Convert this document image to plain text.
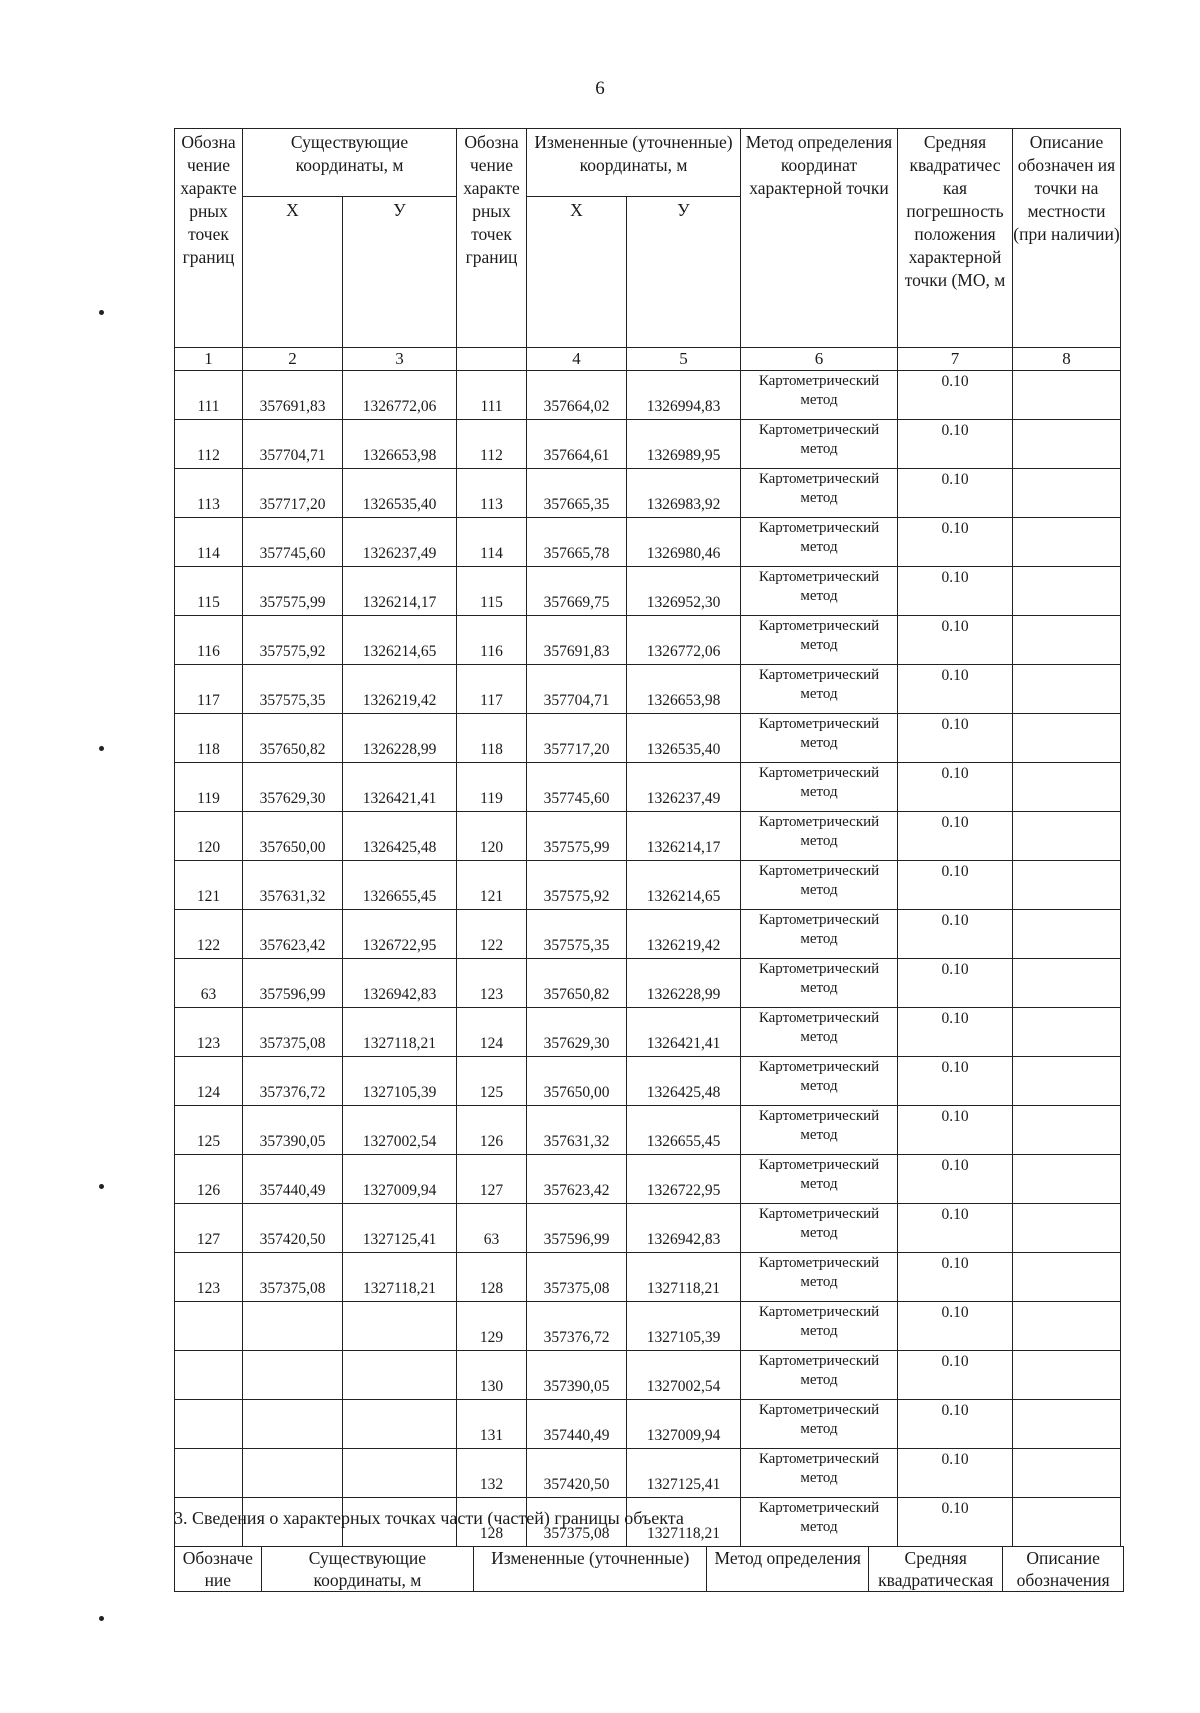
6
Обозна чение характе рных точек границ	Существующие координаты, м		Обозна чение характе рных точек границ	Измененные (уточненные) координаты, м		Метод определения координат характерной точки	Средняя квадратичес кая погрешность положения характерной точки (МО, м	Описание обозначен ия точки на местности (при наличии)
	X	У		X	У			
1	2	3		4	5	6	7	8
111	357691,83	1326772,06	111	357664,02	1326994,83	Картометрический метод	0.10	
112	357704,71	1326653,98	112	357664,61	1326989,95	Картометрический метод	0.10	
113	357717,20	1326535,40	113	357665,35	1326983,92	Картометрический метод	0.10	
114	357745,60	1326237,49	114	357665,78	1326980,46	Картометрический метод	0.10	
115	357575,99	1326214,17	115	357669,75	1326952,30	Картометрический метод	0.10	
116	357575,92	1326214,65	116	357691,83	1326772,06	Картометрический метод	0.10	
117	357575,35	1326219,42	117	357704,71	1326653,98	Картометрический метод	0.10	
118	357650,82	1326228,99	118	357717,20	1326535,40	Картометрический метод	0.10	
119	357629,30	1326421,41	119	357745,60	1326237,49	Картометрический метод	0.10	
120	357650,00	1326425,48	120	357575,99	1326214,17	Картометрический метод	0.10	
121	357631,32	1326655,45	121	357575,92	1326214,65	Картометрический метод	0.10	
122	357623,42	1326722,95	122	357575,35	1326219,42	Картометрический метод	0.10	
63	357596,99	1326942,83	123	357650,82	1326228,99	Картометрический метод	0.10	
123	357375,08	1327118,21	124	357629,30	1326421,41	Картометрический метод	0.10	
124	357376,72	1327105,39	125	357650,00	1326425,48	Картометрический метод	0.10	
125	357390,05	1327002,54	126	357631,32	1326655,45	Картометрический метод	0.10	
126	357440,49	1327009,94	127	357623,42	1326722,95	Картометрический метод	0.10	
127	357420,50	1327125,41	63	357596,99	1326942,83	Картометрический метод	0.10	
123	357375,08	1327118,21	128	357375,08	1327118,21	Картометрический метод	0.10	
			129	357376,72	1327105,39	Картометрический метод	0.10	
			130	357390,05	1327002,54	Картометрический метод	0.10	
			131	357440,49	1327009,94	Картометрический метод	0.10	
			132	357420,50	1327125,41	Картометрический метод	0.10	
			128	357375,08	1327118,21	Картометрический метод	0.10	
3. Сведения о характерных точках части (частей) границы объекта
Обозначе ние	Существующие координаты, м	Измененные (уточненные)	Метод определения	Средняя квадратическая	Описание обозначения
